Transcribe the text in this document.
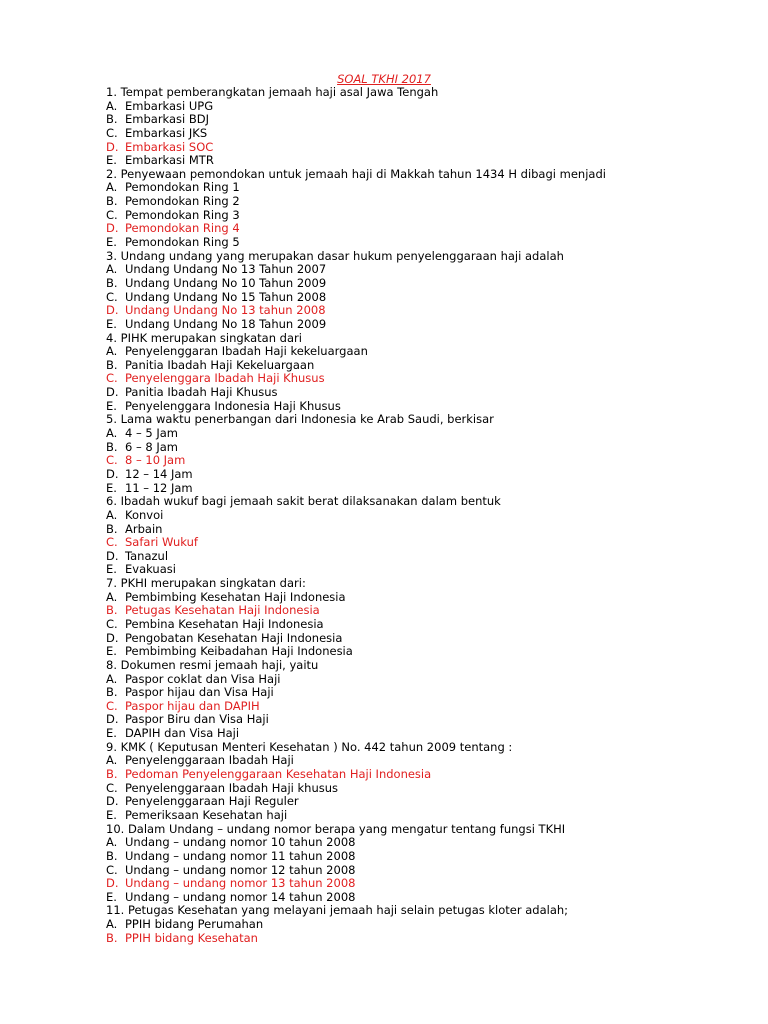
SOAL TKHI 2017
1. Tempat pemberangkatan jemaah haji asal Jawa Tengah
A. Embarkasi UPG
B. Embarkasi BDJ
C. Embarkasi JKS
D. Embarkasi SOC
E. Embarkasi MTR
2. Penyewaan pemondokan untuk jemaah haji di Makkah tahun 1434 H dibagi menjadi
A. Pemondokan Ring 1
B. Pemondokan Ring 2
C. Pemondokan Ring 3
D. Pemondokan Ring 4
E. Pemondokan Ring 5
3. Undang undang yang merupakan dasar hukum penyelenggaraan haji adalah
A. Undang Undang No 13 Tahun 2007
B. Undang Undang No 10 Tahun 2009
C. Undang Undang No 15 Tahun 2008
D. Undang Undang No 13 tahun 2008
E. Undang Undang No 18 Tahun 2009
4. PIHK merupakan singkatan dari
A. Penyelenggaran Ibadah Haji kekeluargaan
B. Panitia Ibadah Haji Kekeluargaan
C. Penyelenggara Ibadah Haji Khusus
D. Panitia Ibadah Haji Khusus
E. Penyelenggara Indonesia Haji Khusus
5. Lama waktu penerbangan dari Indonesia ke Arab Saudi, berkisar
A. 4 – 5 Jam
B. 6 – 8 Jam
C. 8 – 10 Jam
D. 12 – 14 Jam
E. 11 – 12 Jam
6. Ibadah wukuf bagi jemaah sakit berat dilaksanakan dalam bentuk
A. Konvoi
B. Arbain
C. Safari Wukuf
D. Tanazul
E. Evakuasi
7. PKHI merupakan singkatan dari:
A. Pembimbing Kesehatan Haji Indonesia
B. Petugas Kesehatan Haji Indonesia
C. Pembina Kesehatan Haji Indonesia
D. Pengobatan Kesehatan Haji Indonesia
E. Pembimbing Keibadahan Haji Indonesia
8. Dokumen resmi jemaah haji, yaitu
A. Paspor coklat dan Visa Haji
B. Paspor hijau dan Visa Haji
C. Paspor hijau dan DAPIH
D. Paspor Biru dan Visa Haji
E. DAPIH dan Visa Haji
9. KMK ( Keputusan Menteri Kesehatan ) No. 442 tahun 2009 tentang :
A. Penyelenggaraan Ibadah Haji
B. Pedoman Penyelenggaraan Kesehatan Haji Indonesia
C. Penyelenggaraan Ibadah Haji khusus
D. Penyelenggaraan Haji Reguler
E. Pemeriksaan Kesehatan haji
10. Dalam Undang – undang nomor berapa yang mengatur tentang fungsi TKHI
A. Undang – undang nomor 10 tahun 2008
B. Undang – undang nomor 11 tahun 2008
C. Undang – undang nomor 12 tahun 2008
D. Undang – undang nomor 13 tahun 2008
E. Undang – undang nomor 14 tahun 2008
11. Petugas Kesehatan yang melayani jemaah haji selain petugas kloter adalah;
A. PPIH bidang Perumahan
B. PPIH bidang Kesehatan
